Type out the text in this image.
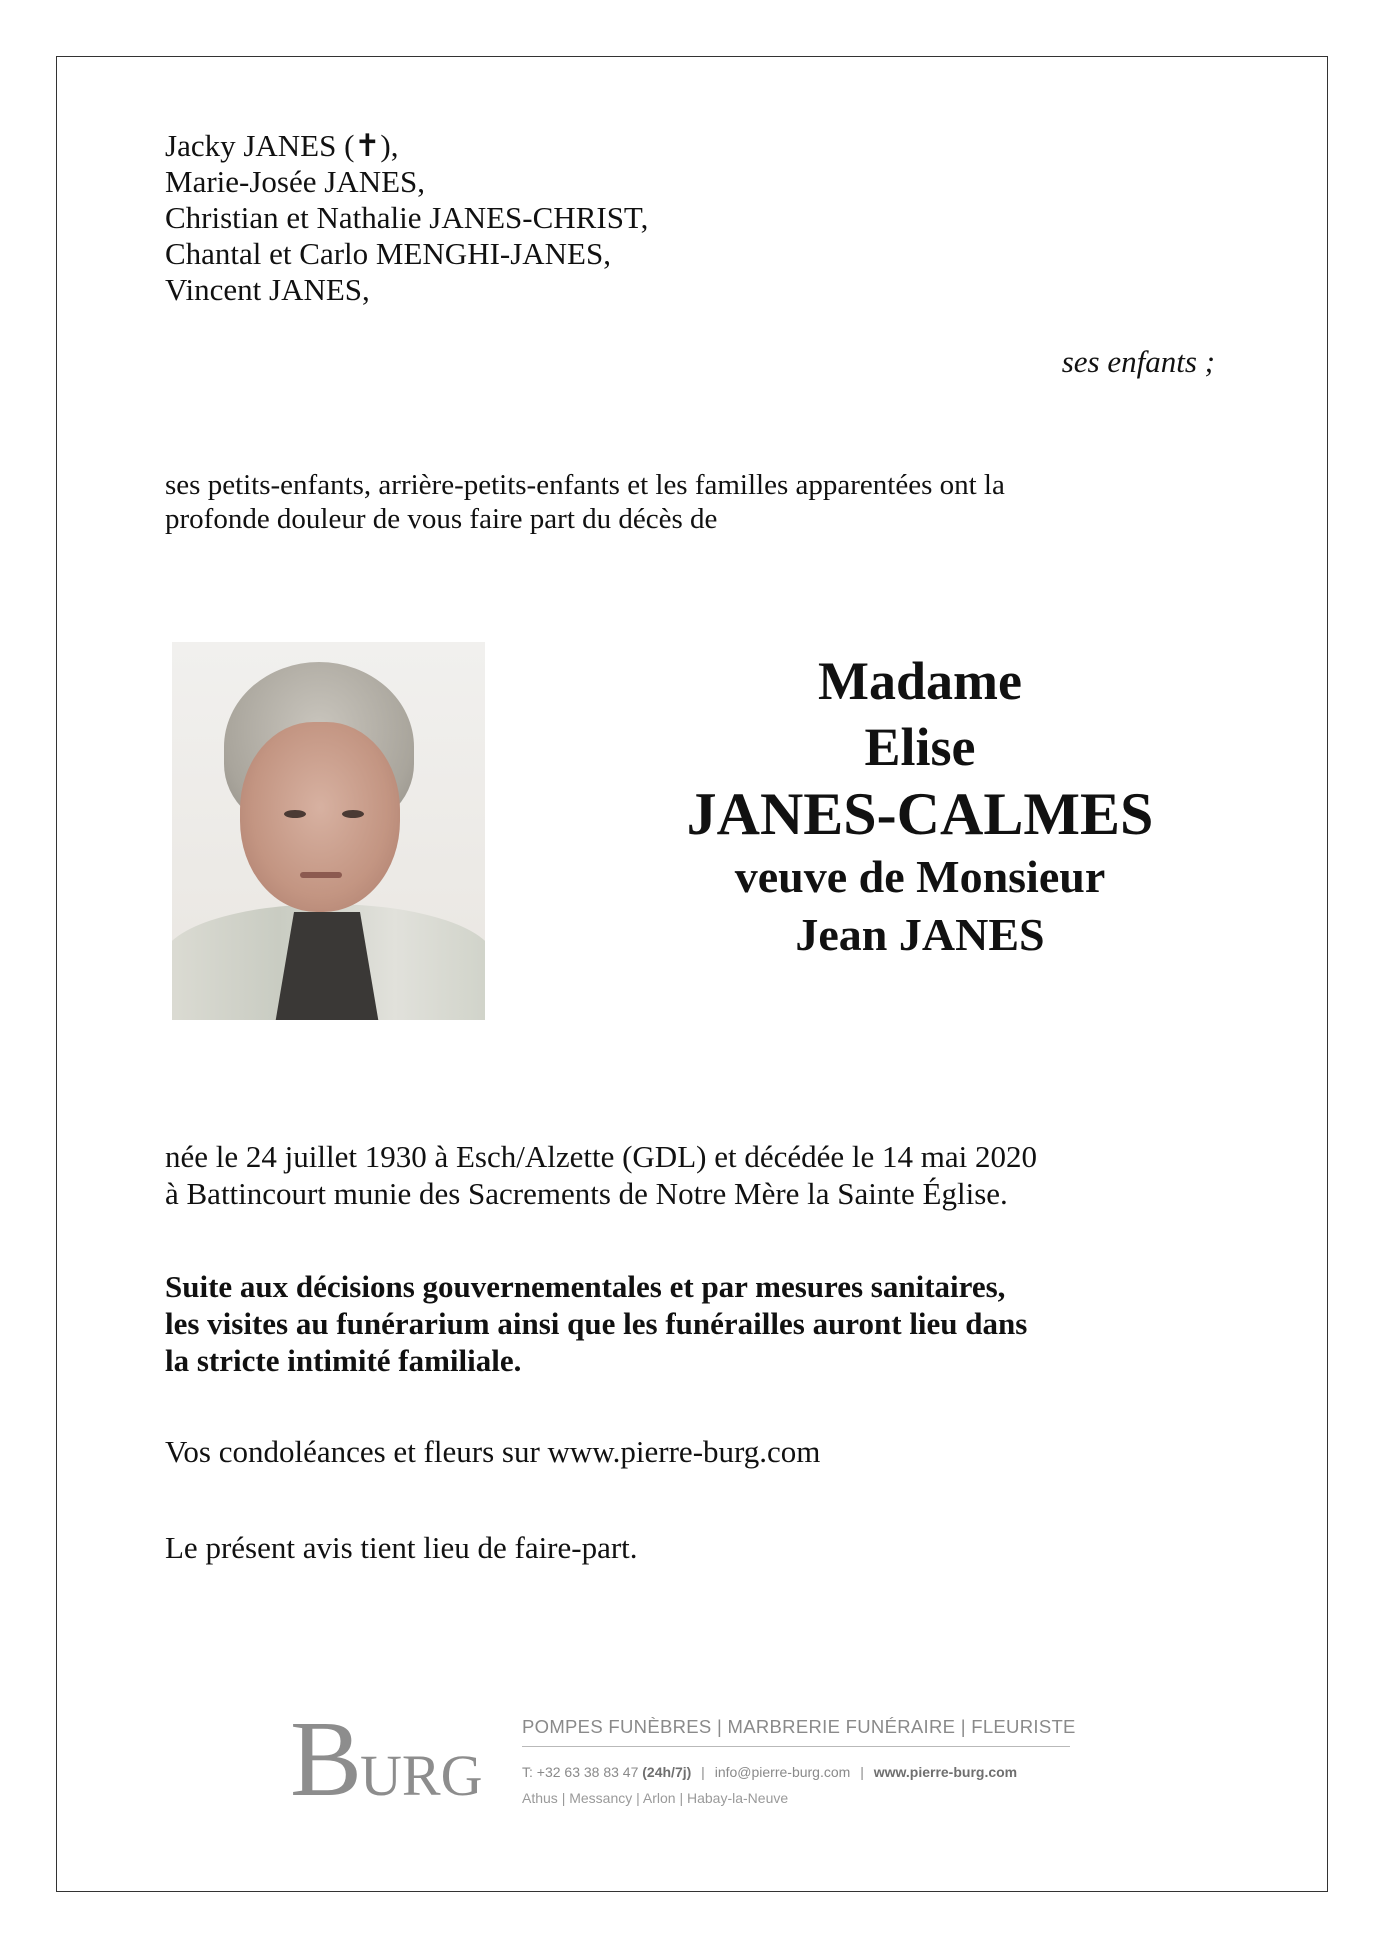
Jacky JANES (✝),
Marie-Josée JANES,
Christian et Nathalie JANES-CHRIST,
Chantal et Carlo MENGHI-JANES,
Vincent JANES,
ses enfants ;
ses petits-enfants, arrière-petits-enfants et les familles apparentées ont la
profonde douleur de vous faire part du décès de
Madame
Elise
JANES-CALMES
veuve de Monsieur
Jean JANES
née le 24 juillet 1930 à Esch/Alzette (GDL) et décédée le 14 mai 2020
à Battincourt munie des Sacrements de Notre Mère la Sainte Église.
Suite aux décisions gouvernementales et par mesures sanitaires,
les visites au funérarium ainsi que les funérailles auront lieu dans
la stricte intimité familiale.
Vos condoléances et fleurs sur www.pierre-burg.com
Le présent avis tient lieu de faire-part.
BURG
POMPES FUNÈBRES | MARBRERIE FUNÉRAIRE | FLEURISTE
T: +32 63 38 83 47 (24h/7j) | info@pierre-burg.com | www.pierre-burg.com
Athus | Messancy | Arlon | Habay-la-Neuve
